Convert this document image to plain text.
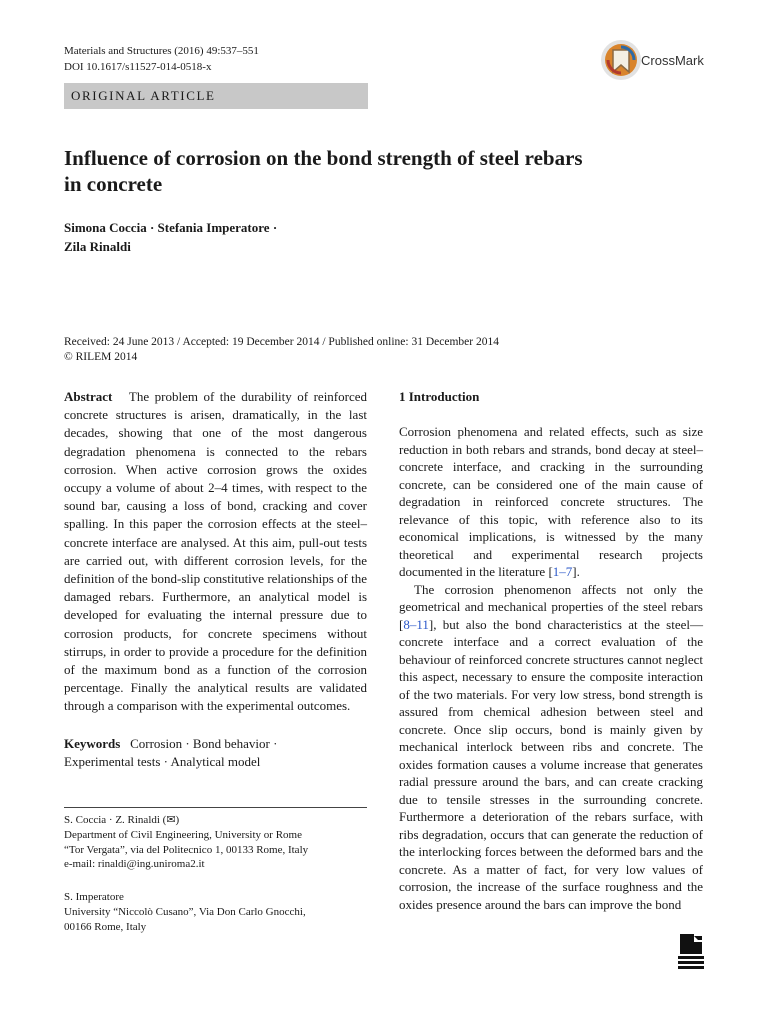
Materials and Structures (2016) 49:537–551
DOI 10.1617/s11527-014-0518-x
ORIGINAL ARTICLE
CrossMark
Influence of corrosion on the bond strength of steel rebars
in concrete
Simona Coccia · Stefania Imperatore ·
Zila Rinaldi
Received: 24 June 2013 / Accepted: 19 December 2014 / Published online: 31 December 2014
© RILEM 2014
Abstract The problem of the durability of reinforced concrete structures is arisen, dramatically, in the last decades, showing that one of the most dangerous degradation phenomena is connected to the rebars corrosion. When active corrosion grows the oxides occupy a volume of about 2–4 times, with respect to the sound bar, causing a loss of bond, cracking and cover spalling. In this paper the corrosion effects at the steel–concrete interface are analysed. At this aim, pull-out tests are carried out, with different corrosion levels, for the definition of the bond-slip constitutive relationships of the damaged rebars. Furthermore, an analytical model is developed for evaluating the internal pressure due to corrosion products, for concrete specimens without stirrups, in order to provide a procedure for the definition of the maximum bond as a function of the corrosion percentage. Finally the analytical results are validated through a comparison with the experimental outcomes.
Keywords Corrosion · Bond behavior ·
Experimental tests · Analytical model

S. Coccia · Z. Rinaldi (✉)

Department of Civil Engineering, University or Rome

“Tor Vergata”, via del Politecnico 1, 00133 Rome, Italy

e-mail: rinaldi@ing.uniroma2.it

S. Imperatore

University “Niccolò Cusano”, Via Don Carlo Gnocchi,

00166 Rome, Italy

1 Introduction

Corrosion phenomena and related effects, such as size reduction in both rebars and strands, bond decay at steel–concrete interface, and cracking in the surrounding concrete, can be considered one of the main cause of degradation in reinforced concrete structures. The relevance of this topic, with reference also to its economical implications, is witnessed by the many theoretical and experimental research projects documented in the literature [1–7].

The corrosion phenomenon affects not only the geometrical and mechanical properties of the steel rebars [8–11], but also the bond characteristics at the steel—concrete interface and a correct evaluation of the behaviour of reinforced concrete structures cannot neglect this aspect, necessary to ensure the composite interaction of the two materials. For very low stress, bond strength is assured from chemical adhesion between steel and concrete. Once slip occurs, bond is mainly given by mechanical interlock between ribs and concrete. The oxides formation causes a volume increase that generates radial pressure around the bars, and can create cracking due to tensile stresses in the surrounding concrete. Furthermore a deterioration of the rebars surface, with ribs degradation, occurs that can generate the reduction of the interlocking forces between the deformed bars and the concrete. As a matter of fact, for very low values of corrosion, the increase of the surface roughness and the oxides presence around the bars can improve the bond
